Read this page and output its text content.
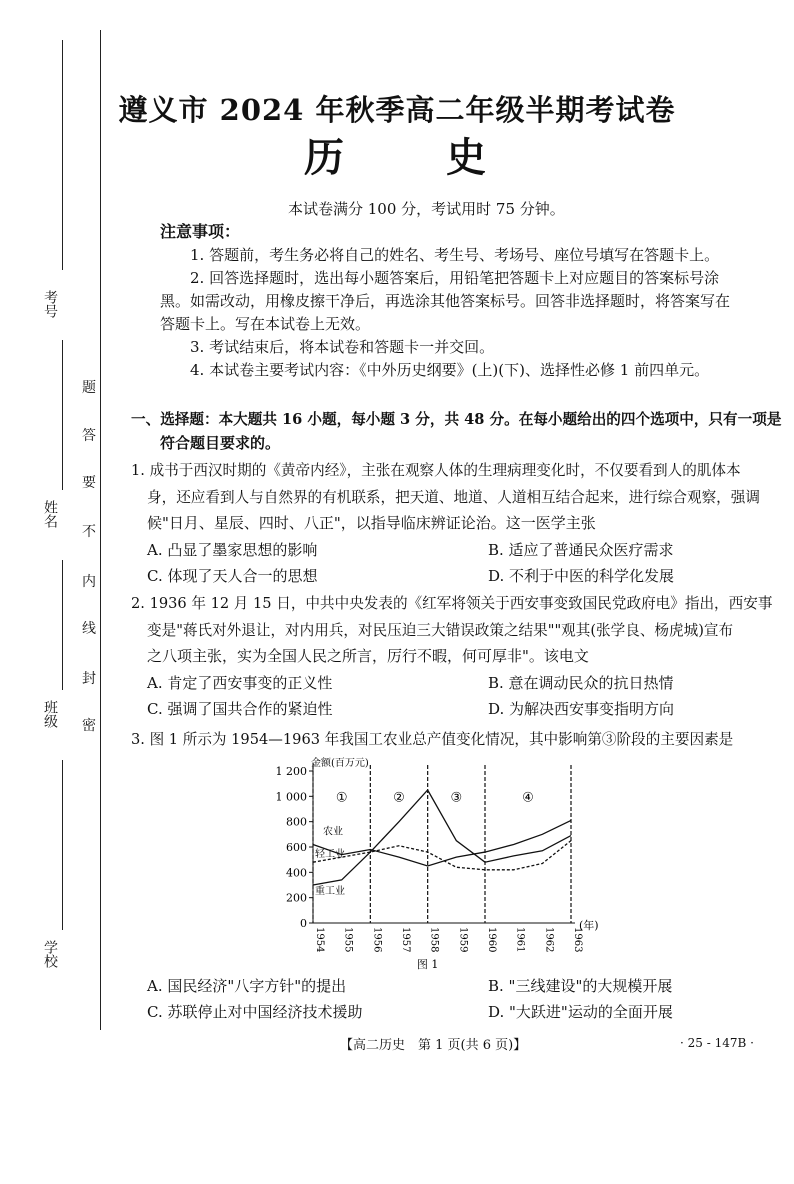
考号
姓名
班级
学校
题
答
要
不
内
线
封
密
遵义市 2024 年秋季高二年级半期考试卷
历 史
本试卷满分 100 分，考试用时 75 分钟。
注意事项：
1. 答题前，考生务必将自己的姓名、考生号、考场号、座位号填写在答题卡上。
2. 回答选择题时，选出每小题答案后，用铅笔把答题卡上对应题目的答案标号涂
黑。如需改动，用橡皮擦干净后，再选涂其他答案标号。回答非选择题时，将答案写在
答题卡上。写在本试卷上无效。
3. 考试结束后，将本试卷和答题卡一并交回。
4. 本试卷主要考试内容：《中外历史纲要》(上)(下)、选择性必修 1 前四单元。
一、选择题：本大题共 16 小题，每小题 3 分，共 48 分。在每小题给出的四个选项中，只有一项是
符合题目要求的。
1. 成书于西汉时期的《黄帝内经》，主张在观察人体的生理病理变化时，不仅要看到人的肌体本
身，还应看到人与自然界的有机联系，把天道、地道、人道相互结合起来，进行综合观察，强调
候"日月、星辰、四时、八正"，以指导临床辨证论治。这一医学主张
A. 凸显了墨家思想的影响	B. 适应了普通民众医疗需求
C. 体现了天人合一的思想	D. 不利于中医的科学化发展
2. 1936 年 12 月 15 日，中共中央发表的《红军将领关于西安事变致国民党政府电》指出，西安事
变是"蒋氏对外退让，对内用兵，对民压迫三大错误政策之结果""观其(张学良、杨虎城)宣布
之八项主张，实为全国人民之所言，厉行不暇，何可厚非"。该电文
A. 肯定了西安事变的正义性	B. 意在调动民众的抗日热情
C. 强调了国共合作的紧迫性	D. 为解决西安事变指明方向
3. 图 1 所示为 1954—1963 年我国工农业总产值变化情况，其中影响第③阶段的主要因素是
金额(百万元)
0
200
400
600
800
1 000
1 200
1954 1955 1956 1957 1958 1959 1960 1961 1962 1963
(年)
①	②	③	④
农业
轻工业
重工业
图 1
A. 国民经济"八字方针"的提出	B. "三线建设"的大规模开展
C. 苏联停止对中国经济技术援助	D. "大跃进"运动的全面开展
【高二历史　第 1 页(共 6 页)】	· 25 - 147B ·
